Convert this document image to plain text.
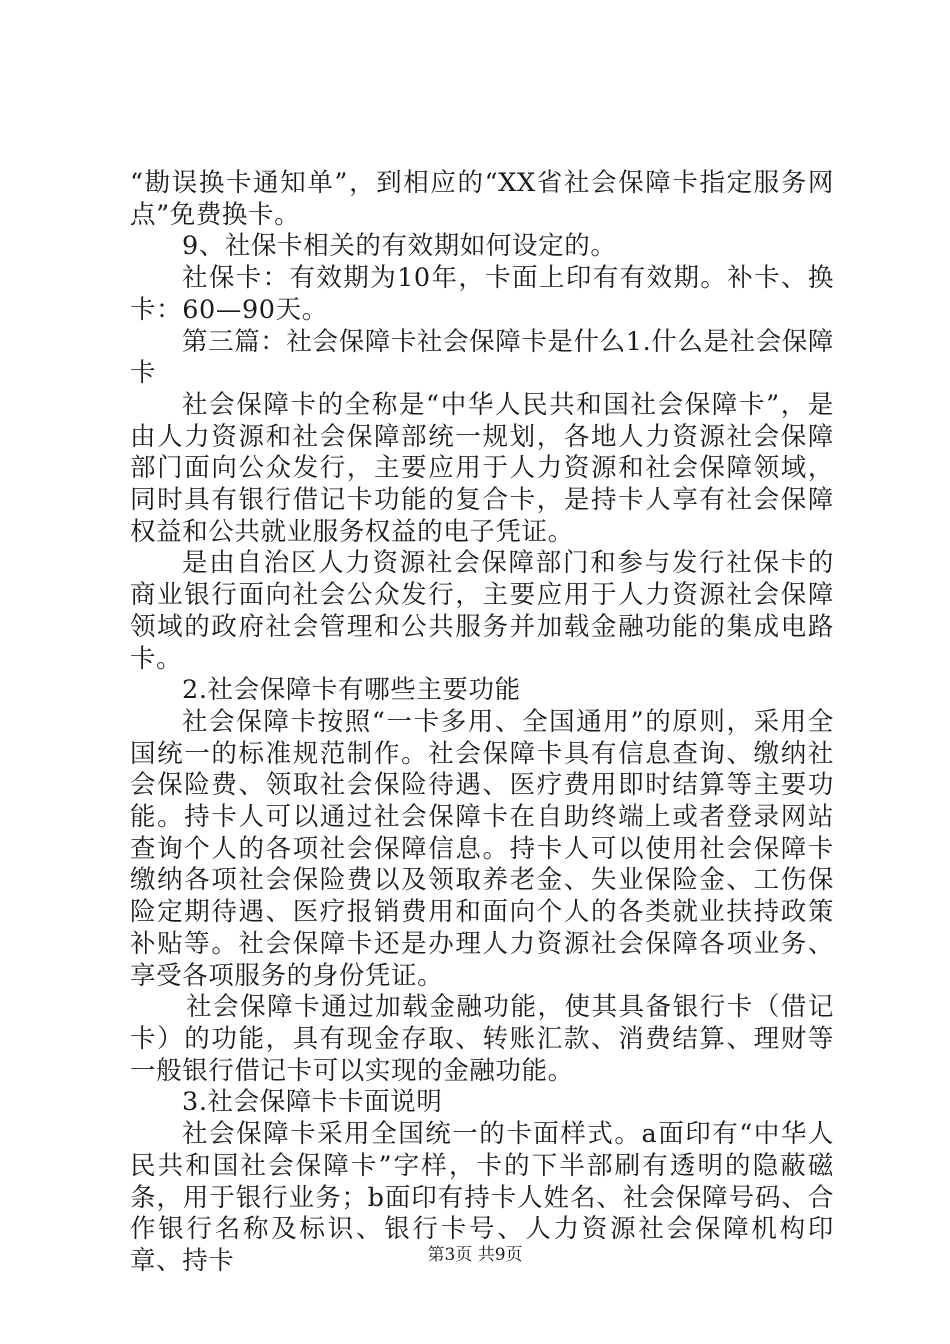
“勘误换卡通知单”，到相应的“XX省社会保障卡指定服务网点”免费换卡。

9、社保卡相关的有效期如何设定的。

社保卡：有效期为10年，卡面上印有有效期。补卡、换卡：60—90天。

第三篇：社会保障卡社会保障卡是什么1.什么是社会保障卡

社会保障卡的全称是“中华人民共和国社会保障卡”，是由人力资源和社会保障部统一规划，各地人力资源社会保障部门面向公众发行，主要应用于人力资源和社会保障领域，同时具有银行借记卡功能的复合卡，是持卡人享有社会保障权益和公共就业服务权益的电子凭证。

是由自治区人力资源社会保障部门和参与发行社保卡的商业银行面向社会公众发行，主要应用于人力资源社会保障领域的政府社会管理和公共服务并加载金融功能的集成电路卡。

2.社会保障卡有哪些主要功能

社会保障卡按照“一卡多用、全国通用”的原则，采用全国统一的标准规范制作。社会保障卡具有信息查询、缴纳社会保险费、领取社会保险待遇、医疗费用即时结算等主要功能。持卡人可以通过社会保障卡在自助终端上或者登录网站查询个人的各项社会保障信息。持卡人可以使用社会保障卡缴纳各项社会保险费以及领取养老金、失业保险金、工伤保险定期待遇、医疗报销费用和面向个人的各类就业扶持政策补贴等。社会保障卡还是办理人力资源社会保障各项业务、享受各项服务的身份凭证。

社会保障卡通过加载金融功能，使其具备银行卡（借记卡）的功能，具有现金存取、转账汇款、消费结算、理财等一般银行借记卡可以实现的金融功能。

3.社会保障卡卡面说明

社会保障卡采用全国统一的卡面样式。a面印有“中华人民共和国社会保障卡”字样，卡的下半部刷有透明的隐蔽磁条，用于银行业务；b面印有持卡人姓名、社会保障号码、合作银行名称及标识、银行卡号、人力资源社会保障机构印章、持卡	第3页 共9页
